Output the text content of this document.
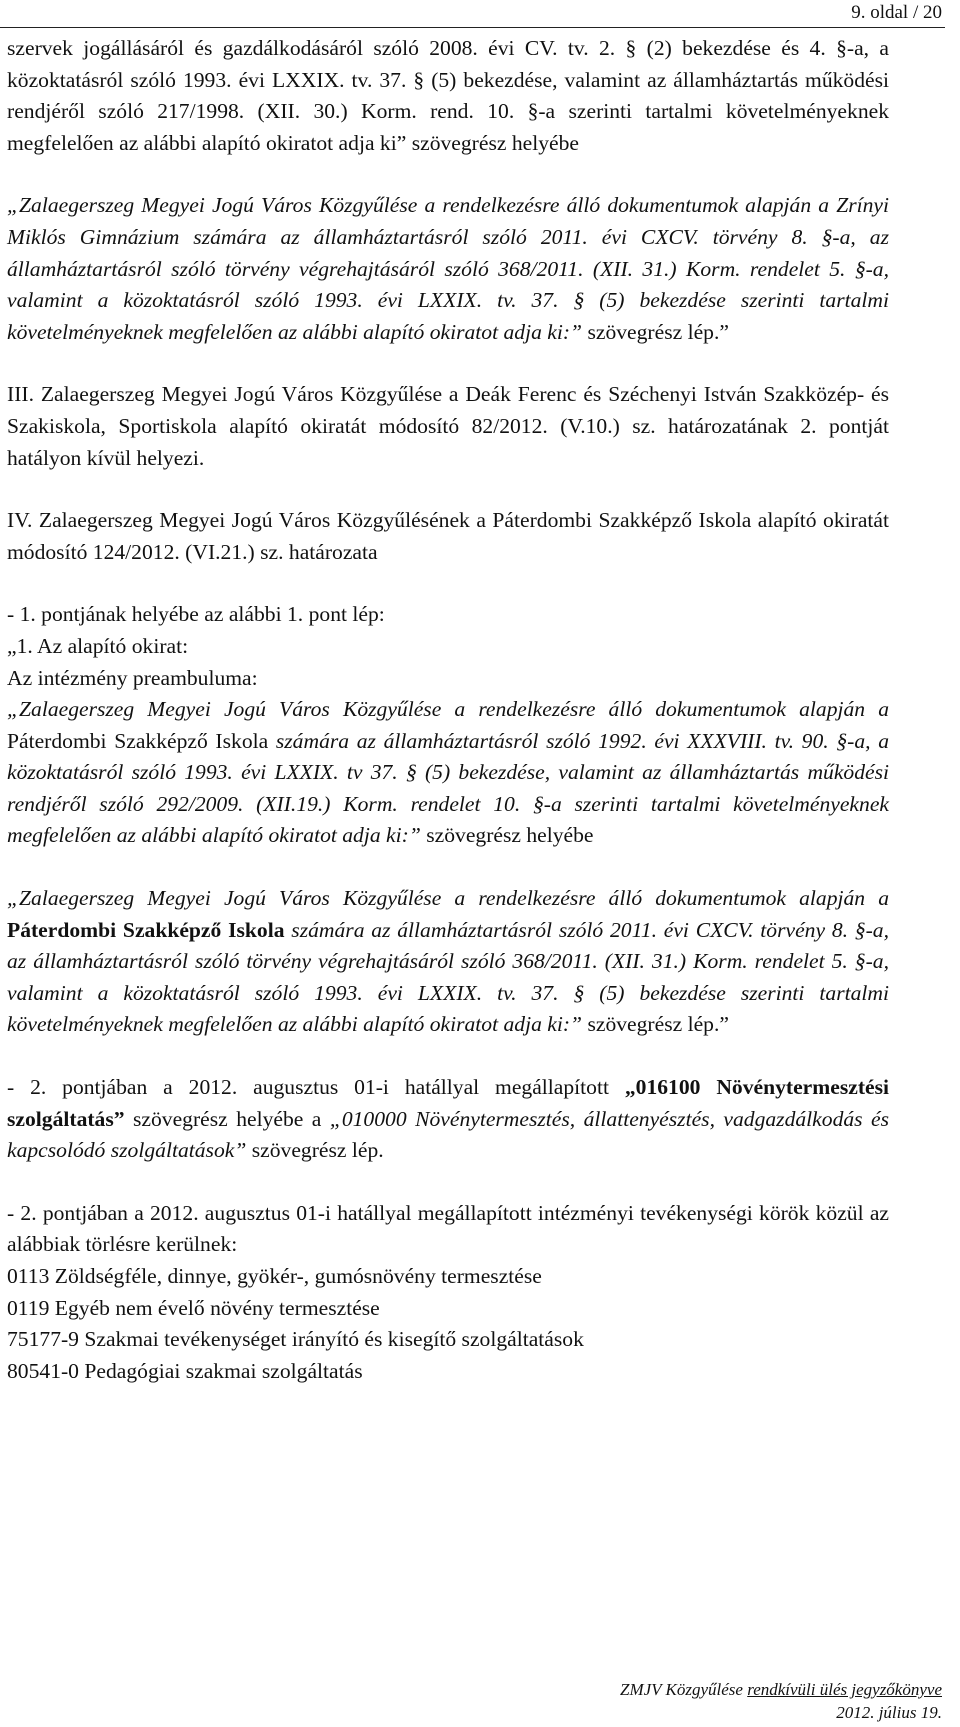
9. oldal / 20

szervek jogállásáról és gazdálkodásáról szóló 2008. évi CV. tv. 2. § (2) bekezdése és 4. §-a, a közoktatásról szóló 1993. évi LXXIX. tv. 37. § (5) bekezdése, valamint az államháztartás működési rendjéről szóló 217/1998. (XII. 30.) Korm. rend. 10. §-a szerinti tartalmi követelményeknek megfelelően az alábbi alapító okiratot adja ki” szövegrész helyébe

„Zalaegerszeg Megyei Jogú Város Közgyűlése a rendelkezésre álló dokumentumok alapján a Zrínyi Miklós Gimnázium számára az államháztartásról szóló 2011. évi CXCV. törvény 8. §-a, az államháztartásról szóló törvény végrehajtásáról szóló 368/2011. (XII. 31.) Korm. rendelet 5. §-a, valamint a közoktatásról szóló 1993. évi LXXIX. tv. 37. § (5) bekezdése szerinti tartalmi követelményeknek megfelelően az alábbi alapító okiratot adja ki:” szövegrész lép.”

III. Zalaegerszeg Megyei Jogú Város Közgyűlése a Deák Ferenc és Széchenyi István Szakközép- és Szakiskola, Sportiskola alapító okiratát módosító 82/2012. (V.10.) sz. határozatának 2. pontját hatályon kívül helyezi.

IV. Zalaegerszeg Megyei Jogú Város Közgyűlésének a Páterdombi Szakképző Iskola alapító okiratát módosító 124/2012. (VI.21.) sz. határozata

- 1. pontjának helyébe az alábbi 1. pont lép:

„1. Az alapító okirat:

Az intézmény preambuluma:

„Zalaegerszeg Megyei Jogú Város Közgyűlése a rendelkezésre álló dokumentumok alapján a Páterdombi Szakképző Iskola számára az államháztartásról szóló 1992. évi XXXVIII. tv. 90. §-a, a közoktatásról szóló 1993. évi LXXIX. tv 37. § (5) bekezdése, valamint az államháztartás működési rendjéről szóló 292/2009. (XII.19.) Korm. rendelet 10. §-a szerinti tartalmi követelményeknek megfelelően az alábbi alapító okiratot adja ki:” szövegrész helyébe

„Zalaegerszeg Megyei Jogú Város Közgyűlése a rendelkezésre álló dokumentumok alapján a Páterdombi Szakképző Iskola számára az államháztartásról szóló 2011. évi CXCV. törvény 8. §-a, az államháztartásról szóló törvény végrehajtásáról szóló 368/2011. (XII. 31.) Korm. rendelet 5. §-a, valamint a közoktatásról szóló 1993. évi LXXIX. tv. 37. § (5) bekezdése szerinti tartalmi követelményeknek megfelelően az alábbi alapító okiratot adja ki:” szövegrész lép.”

- 2. pontjában a 2012. augusztus 01-i hatállyal megállapított „016100 Növénytermesztési szolgáltatás” szövegrész helyébe a „010000 Növénytermesztés, állattenyésztés, vadgazdálkodás és kapcsolódó szolgáltatások” szövegrész lép.

- 2. pontjában a 2012. augusztus 01-i hatállyal megállapított intézményi tevékenységi körök közül az alábbiak törlésre kerülnek:

0113 Zöldségféle, dinnye, gyökér-, gumósnövény termesztése

0119 Egyéb nem évelő növény termesztése

75177-9 Szakmai tevékenységet irányító és kisegítő szolgáltatások

80541-0 Pedagógiai szakmai szolgáltatás

ZMJV Közgyűlése rendkívüli ülés jegyzőkönyve
2012. július 19.
